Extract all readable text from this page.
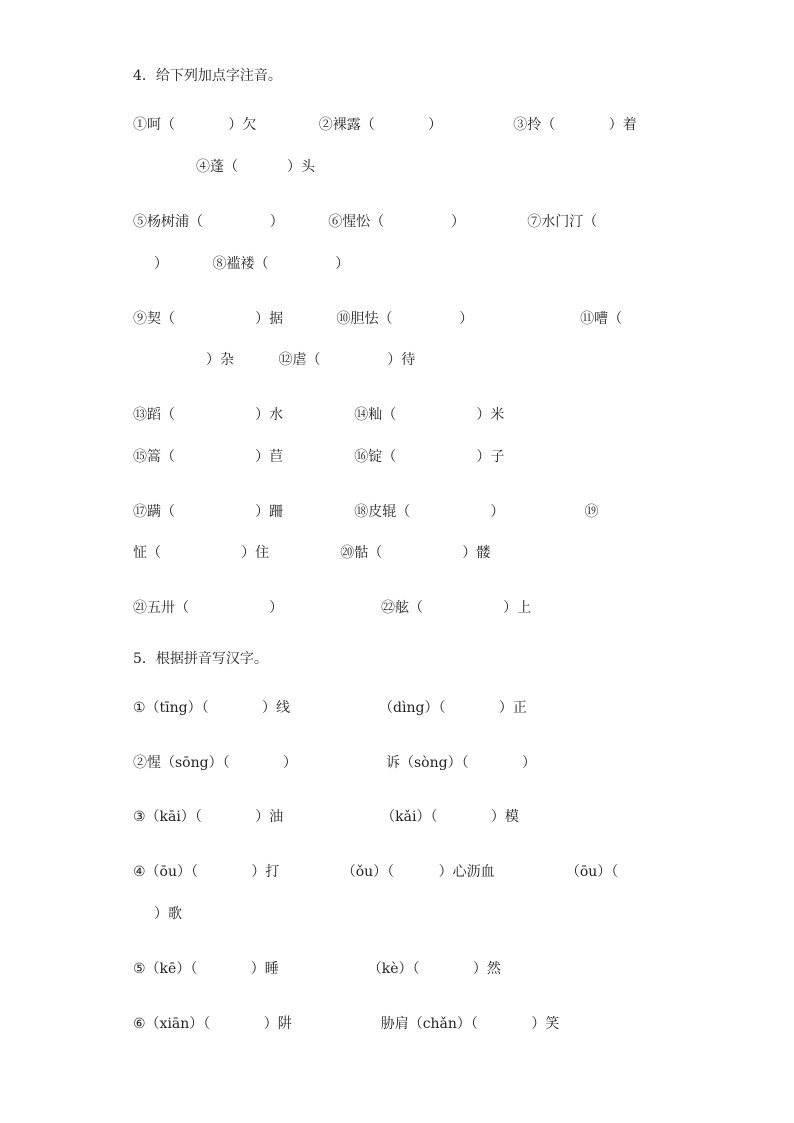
4．给下列加点字注音。
①呵（            ）欠              ②裸露（            ）                ③拎（            ）着
④蓬（           ）头
⑤杨树浦（               ）          ⑥惺忪（               ）              ⑦水门汀（
）          ⑧褴褛（               ）
⑨契（                  ）据            ⑩胆怯（               ）                        ⑪嘈（
）杂          ⑫虐（               ）待
⑬蹈（                  ）水                ⑭籼（                  ）米
⑮篙（                  ）苣                ⑯锭（                  ）子
⑰蹒（                  ）跚                ⑱皮辊（                  ）                  ⑲
怔（                  ）住                ⑳骷（                  ）髅
㉑五卅（                  ）                      ㉒舷（                  ）上
5．根据拼音写汉字。
①（tīng）（            ）线                    （dìng）（            ）正
②惺（sōng）（            ）                    诉（sòng）（            ）
③（kāi）（            ）油                      （kǎi）（            ）模
④（ōu）（            ）打              （ǒu）（          ）心沥血                （ōu）（
）歌
⑤（kē）（            ）睡                    （kè）（            ）然
⑥（xiān）（            ）阱                    胁肩（chǎn）（            ）笑
